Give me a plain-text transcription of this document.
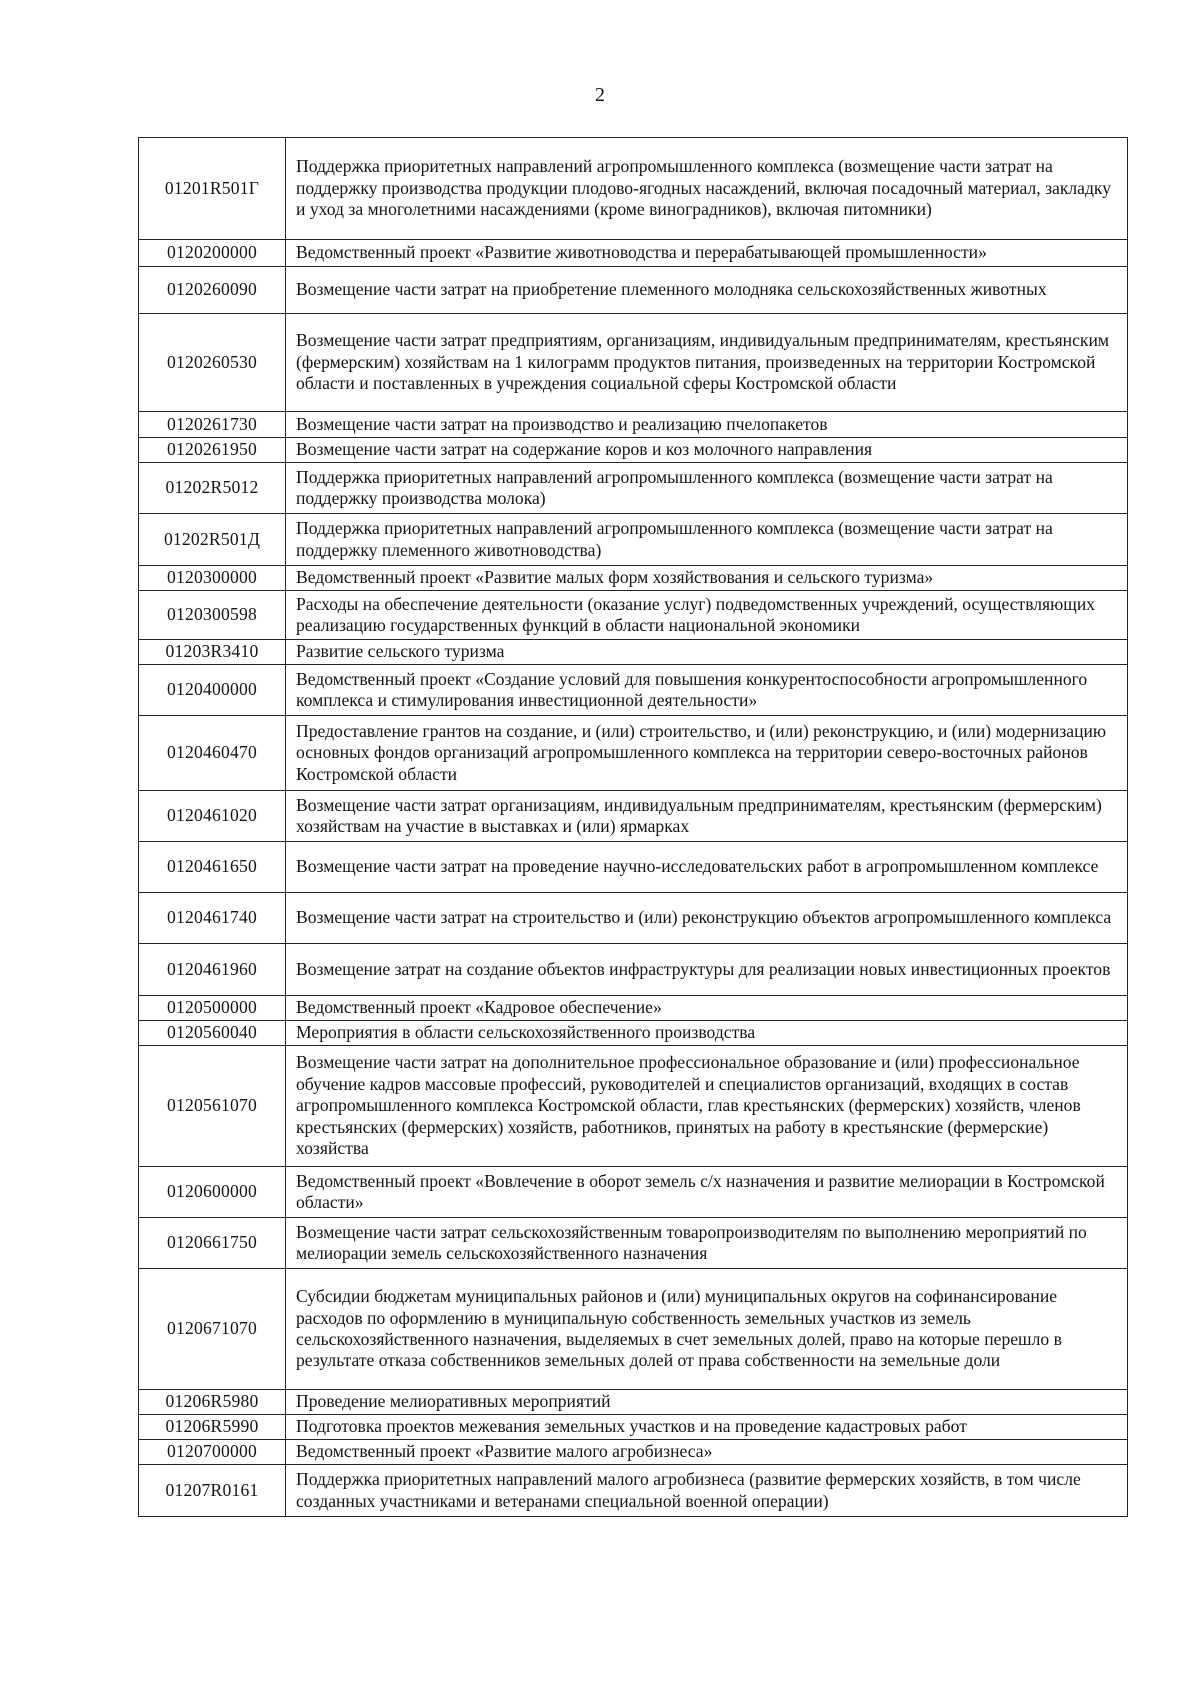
2
01201R501Г	Поддержка приоритетных направлений агропромышленного комплекса (возмещение части затрат на поддержку производства продукции плодово-ягодных насаждений, включая посадочный материал, закладку и уход за многолетними насаждениями (кроме виноградников), включая питомники)
0120200000	Ведомственный проект «Развитие животноводства и перерабатывающей промышленности»
0120260090	Возмещение части затрат на приобретение племенного молодняка сельскохозяйственных животных
0120260530	Возмещение части затрат предприятиям, организациям, индивидуальным предпринимателям, крестьянским (фермерским) хозяйствам на 1 килограмм продуктов питания, произведенных на территории Костромской области и поставленных в учреждения социальной сферы Костромской области
0120261730	Возмещение части затрат на производство и реализацию пчелопакетов
0120261950	Возмещение части затрат на содержание коров и коз молочного направления
01202R5012	Поддержка приоритетных направлений агропромышленного комплекса (возмещение части затрат на поддержку производства молока)
01202R501Д	Поддержка приоритетных направлений агропромышленного комплекса (возмещение части затрат на поддержку племенного животноводства)
0120300000	Ведомственный проект «Развитие малых форм хозяйствования и сельского туризма»
0120300598	Расходы на обеспечение деятельности (оказание услуг) подведомственных учреждений, осуществляющих реализацию государственных функций в области национальной экономики
01203R3410	Развитие сельского туризма
0120400000	Ведомственный проект «Создание условий для повышения конкурентоспособности агропромышленного комплекса и стимулирования инвестиционной деятельности»
0120460470	Предоставление грантов на создание, и (или) строительство, и (или) реконструкцию, и (или) модернизацию основных фондов организаций агропромышленного комплекса на территории северо-восточных районов Костромской области
0120461020	Возмещение части затрат организациям, индивидуальным предпринимателям, крестьянским (фермерским) хозяйствам на участие в выставках и (или) ярмарках
0120461650	Возмещение части затрат на проведение научно-исследовательских работ в агропромышленном комплексе
0120461740	Возмещение части затрат на строительство и (или) реконструкцию объектов агропромышленного комплекса
0120461960	Возмещение затрат на создание объектов инфраструктуры для реализации новых инвестиционных проектов
0120500000	Ведомственный проект «Кадровое обеспечение»
0120560040	Мероприятия в области сельскохозяйственного производства
0120561070	Возмещение части затрат на дополнительное профессиональное образование и (или) профессиональное обучение кадров массовые профессий, руководителей и специалистов организаций, входящих в состав агропромышленного комплекса Костромской области, глав крестьянских (фермерских) хозяйств, членов крестьянских (фермерских) хозяйств, работников, принятых на работу в крестьянские (фермерские) хозяйства
0120600000	Ведомственный проект «Вовлечение в оборот земель с/х назначения и развитие мелиорации в Костромской области»
0120661750	Возмещение части затрат сельскохозяйственным товаропроизводителям по выполнению мероприятий по мелиорации земель сельскохозяйственного назначения
0120671070	Субсидии бюджетам муниципальных районов и (или) муниципальных округов на софинансирование расходов по оформлению в муниципальную собственность земельных участков из земель сельскохозяйственного назначения, выделяемых в счет земельных долей, право на которые перешло в результате отказа собственников земельных долей от права собственности на земельные доли
01206R5980	Проведение мелиоративных мероприятий
01206R5990	Подготовка проектов межевания земельных участков и на проведение кадастровых работ
0120700000	Ведомственный проект «Развитие малого агробизнеса»
01207R0161	Поддержка приоритетных направлений малого агробизнеса (развитие фермерских хозяйств, в том числе созданных участниками и ветеранами специальной военной операции)
